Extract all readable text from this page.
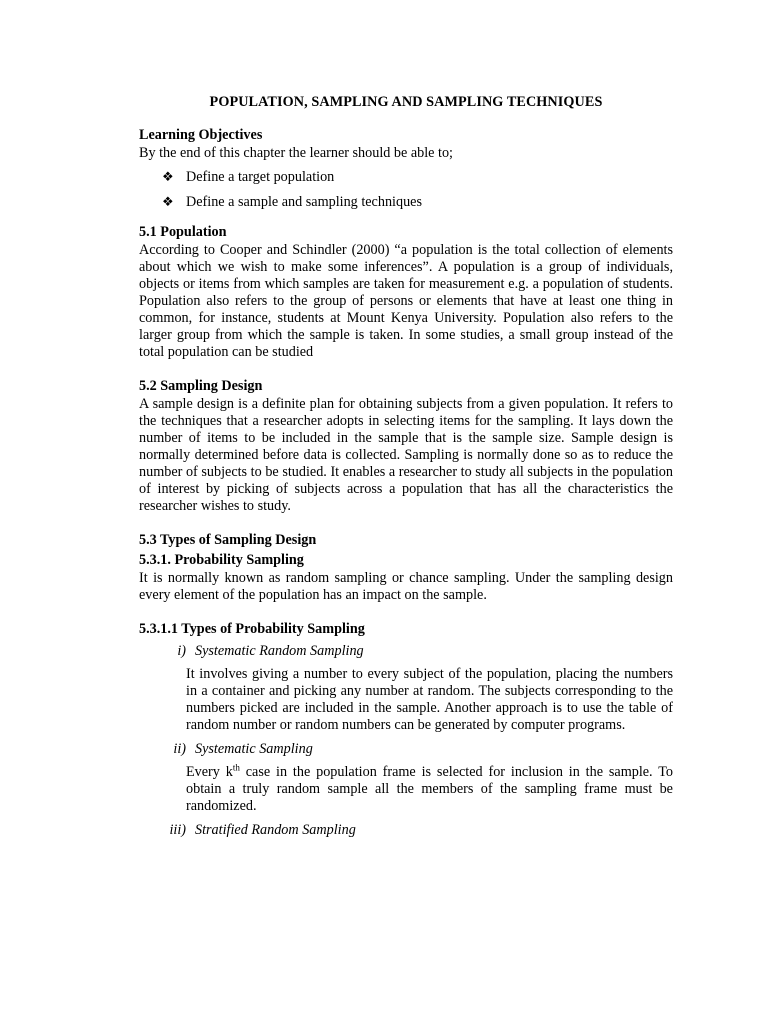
POPULATION, SAMPLING AND SAMPLING TECHNIQUES
Learning Objectives

By the end of this chapter the learner should be able to;

❖ Define a target population
❖ Define a sample and sampling techniques
5.1 Population

According to Cooper and Schindler (2000) “a population is the total collection of elements about which we wish to make some inferences”. A population is a group of individuals, objects or items from which samples are taken for measurement e.g. a population of students. Population also refers to the group of persons or elements that have at least one thing in common, for instance, students at Mount Kenya University. Population also refers to the larger group from which the sample is taken. In some studies, a small group instead of the total population can be studied

5.2 Sampling Design

A sample design is a definite plan for obtaining subjects from a given population. It refers to the techniques that a researcher adopts in selecting items for the sampling. It lays down the number of items to be included in the sample that is the sample size. Sample design is normally determined before data is collected. Sampling is normally done so as to reduce the number of subjects to be studied. It enables a researcher to study all subjects in the population of interest by picking of subjects across a population that has all the characteristics the researcher wishes to study.

5.3 Types of Sampling Design
5.3.1. Probability Sampling

It is normally known as random sampling or chance sampling. Under the sampling design every element of the population has an impact on the sample.

5.3.1.1 Types of Probability Sampling
i) Systematic Random Sampling

It involves giving a number to every subject of the population, placing the numbers in a container and picking any number at random. The subjects corresponding to the numbers picked are included in the sample. Another approach is to use the table of random number or random numbers can be generated by computer programs.

ii) Systematic Sampling

Every $k^{th}$ case in the population frame is selected for inclusion in the sample. To obtain a truly random sample all the members of the sampling frame must be randomized.

iii) Stratified Random Sampling
